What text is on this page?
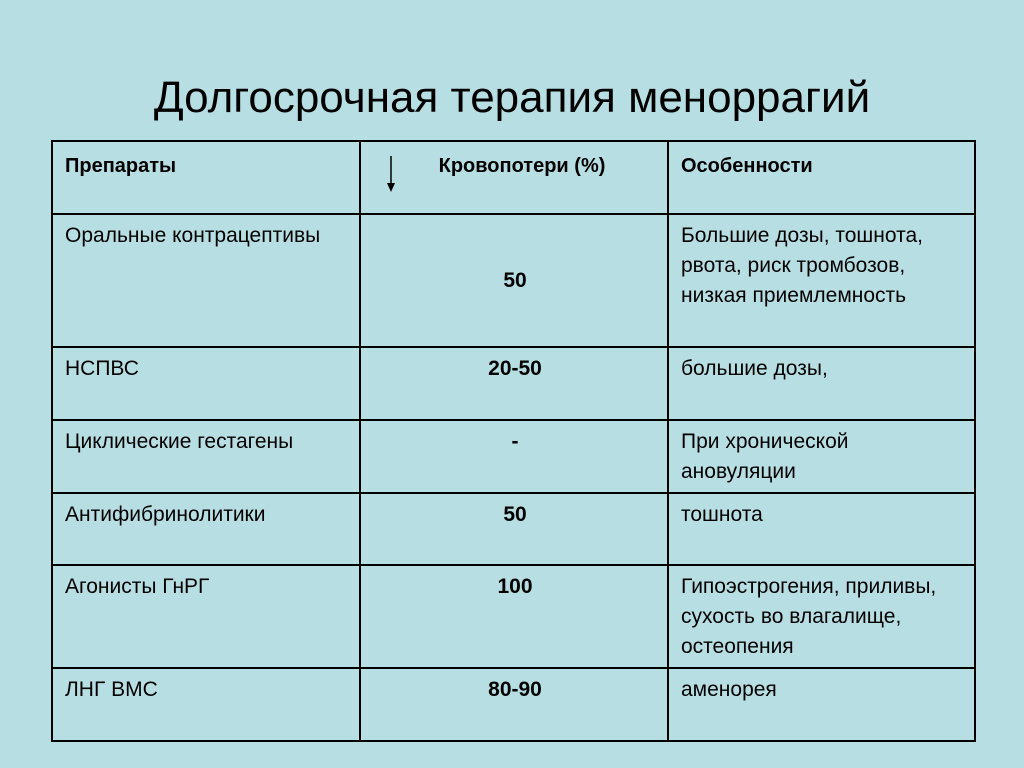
Долгосрочная терапия меноррагий
Препараты	Кровопотери (%)	Особенности
Оральные контрацептивы	50	Большие дозы, тошнота, рвота, риск тромбозов, низкая приемлемность
НСПВС	20-50	большие дозы,
Циклические гестагены	-	При хронической ановуляции
Антифибринолитики	50	тошнота
Агонисты ГнРГ	100	Гипоэстрогения, приливы, сухость во влагалище, остеопения
ЛНГ ВМС	80-90	аменорея
